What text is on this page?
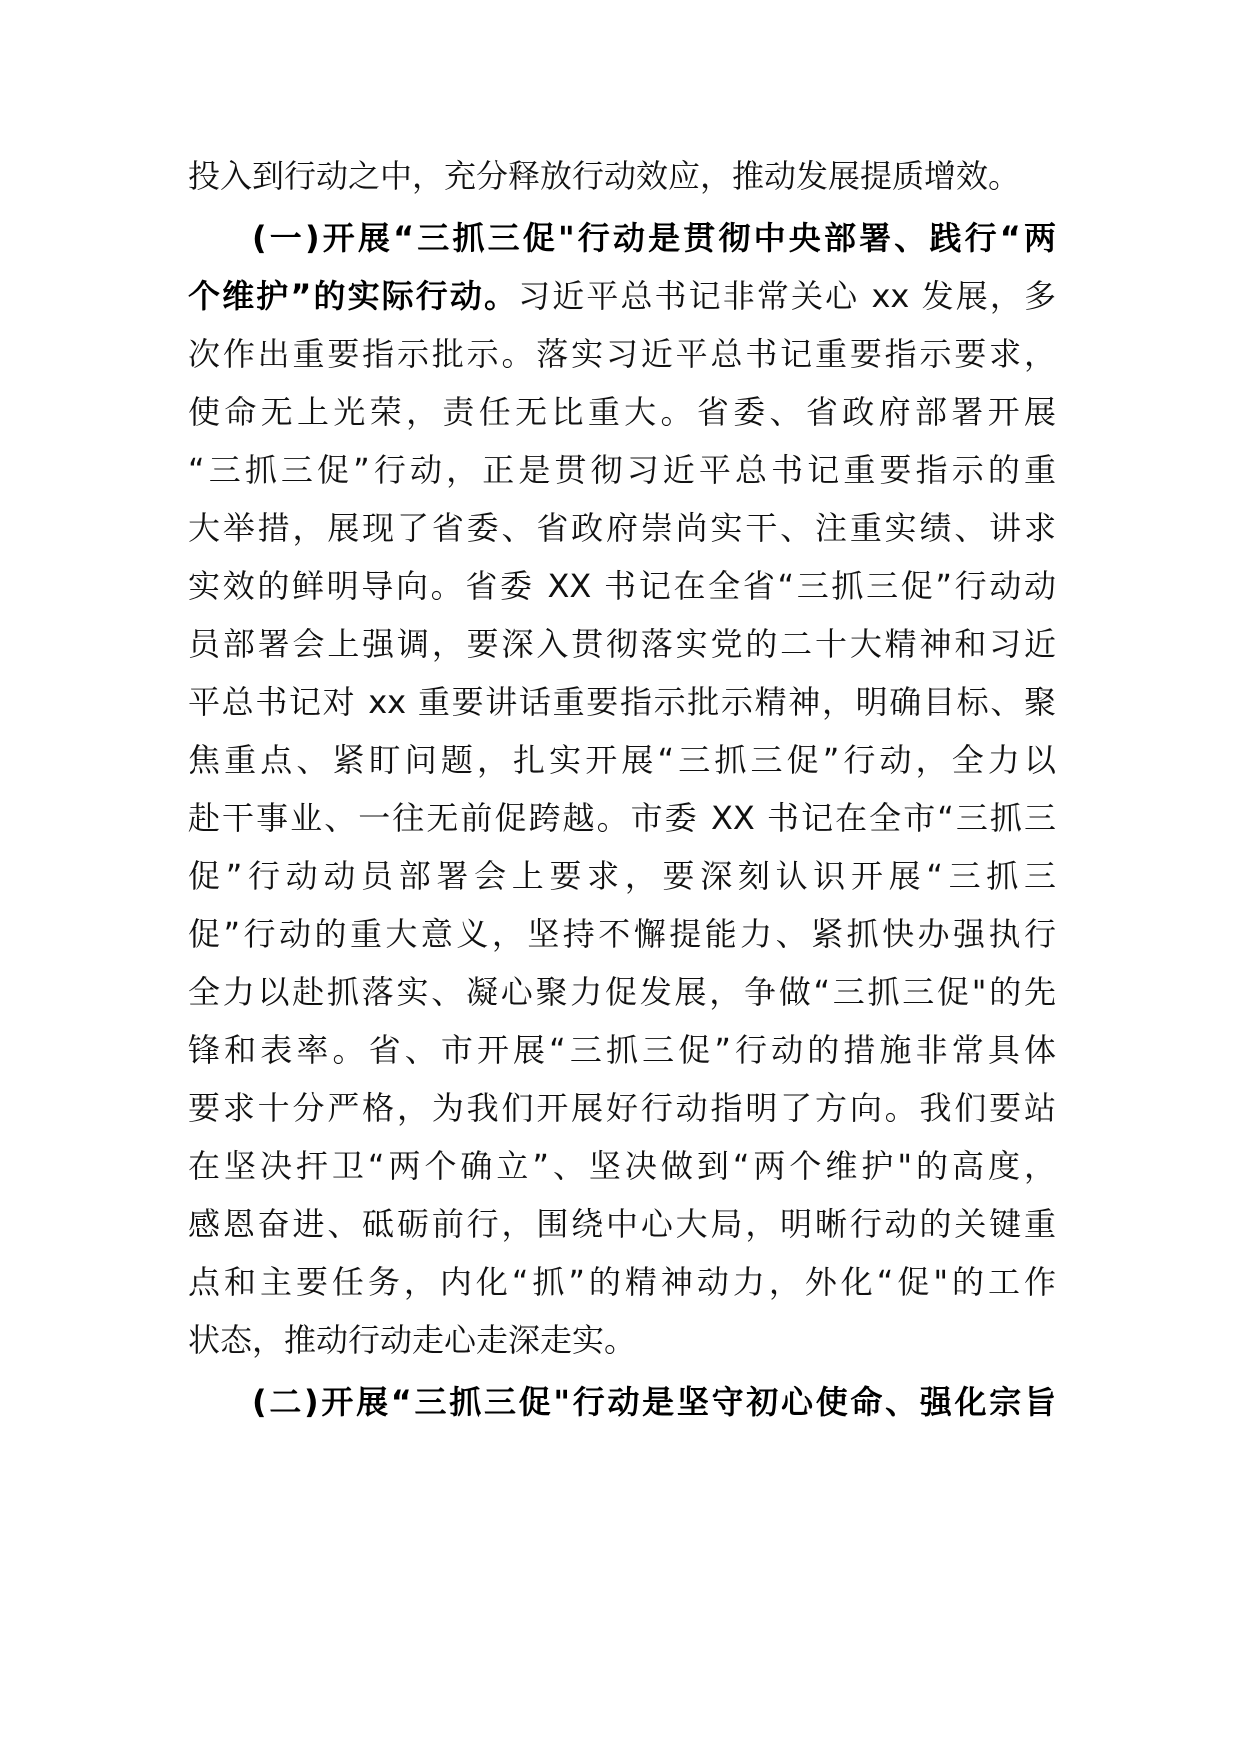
投入到行动之中，充分释放行动效应，推动发展提质增效。
(一)开展“三抓三促"行动是贯彻中央部署、践行“两
个维护”的实际行动。习近平总书记非常关心 xx 发展，多
次作出重要指示批示。落实习近平总书记重要指示要求，
使命无上光荣，责任无比重大。省委、省政府部署开展
“三抓三促”行动，正是贯彻习近平总书记重要指示的重
大举措，展现了省委、省政府崇尚实干、注重实绩、讲求
实效的鲜明导向。省委 XX 书记在全省“三抓三促”行动动
员部署会上强调，要深入贯彻落实党的二十大精神和习近
平总书记对 xx 重要讲话重要指示批示精神，明确目标、聚
焦重点、紧盯问题，扎实开展“三抓三促”行动，全力以
赴干事业、一往无前促跨越。市委 XX 书记在全市“三抓三
促”行动动员部署会上要求，要深刻认识开展“三抓三
促”行动的重大意义，坚持不懈提能力、紧抓快办强执行
全力以赴抓落实、凝心聚力促发展，争做“三抓三促"的先
锋和表率。省、市开展“三抓三促”行动的措施非常具体
要求十分严格，为我们开展好行动指明了方向。我们要站
在坚决扞卫“两个确立”、坚决做到“两个维护"的高度，
感恩奋进、砥砺前行，围绕中心大局，明晰行动的关键重
点和主要任务，内化“抓”的精神动力，外化“促"的工作
状态，推动行动走心走深走实。
(二)开展“三抓三促"行动是坚守初心使命、强化宗旨
